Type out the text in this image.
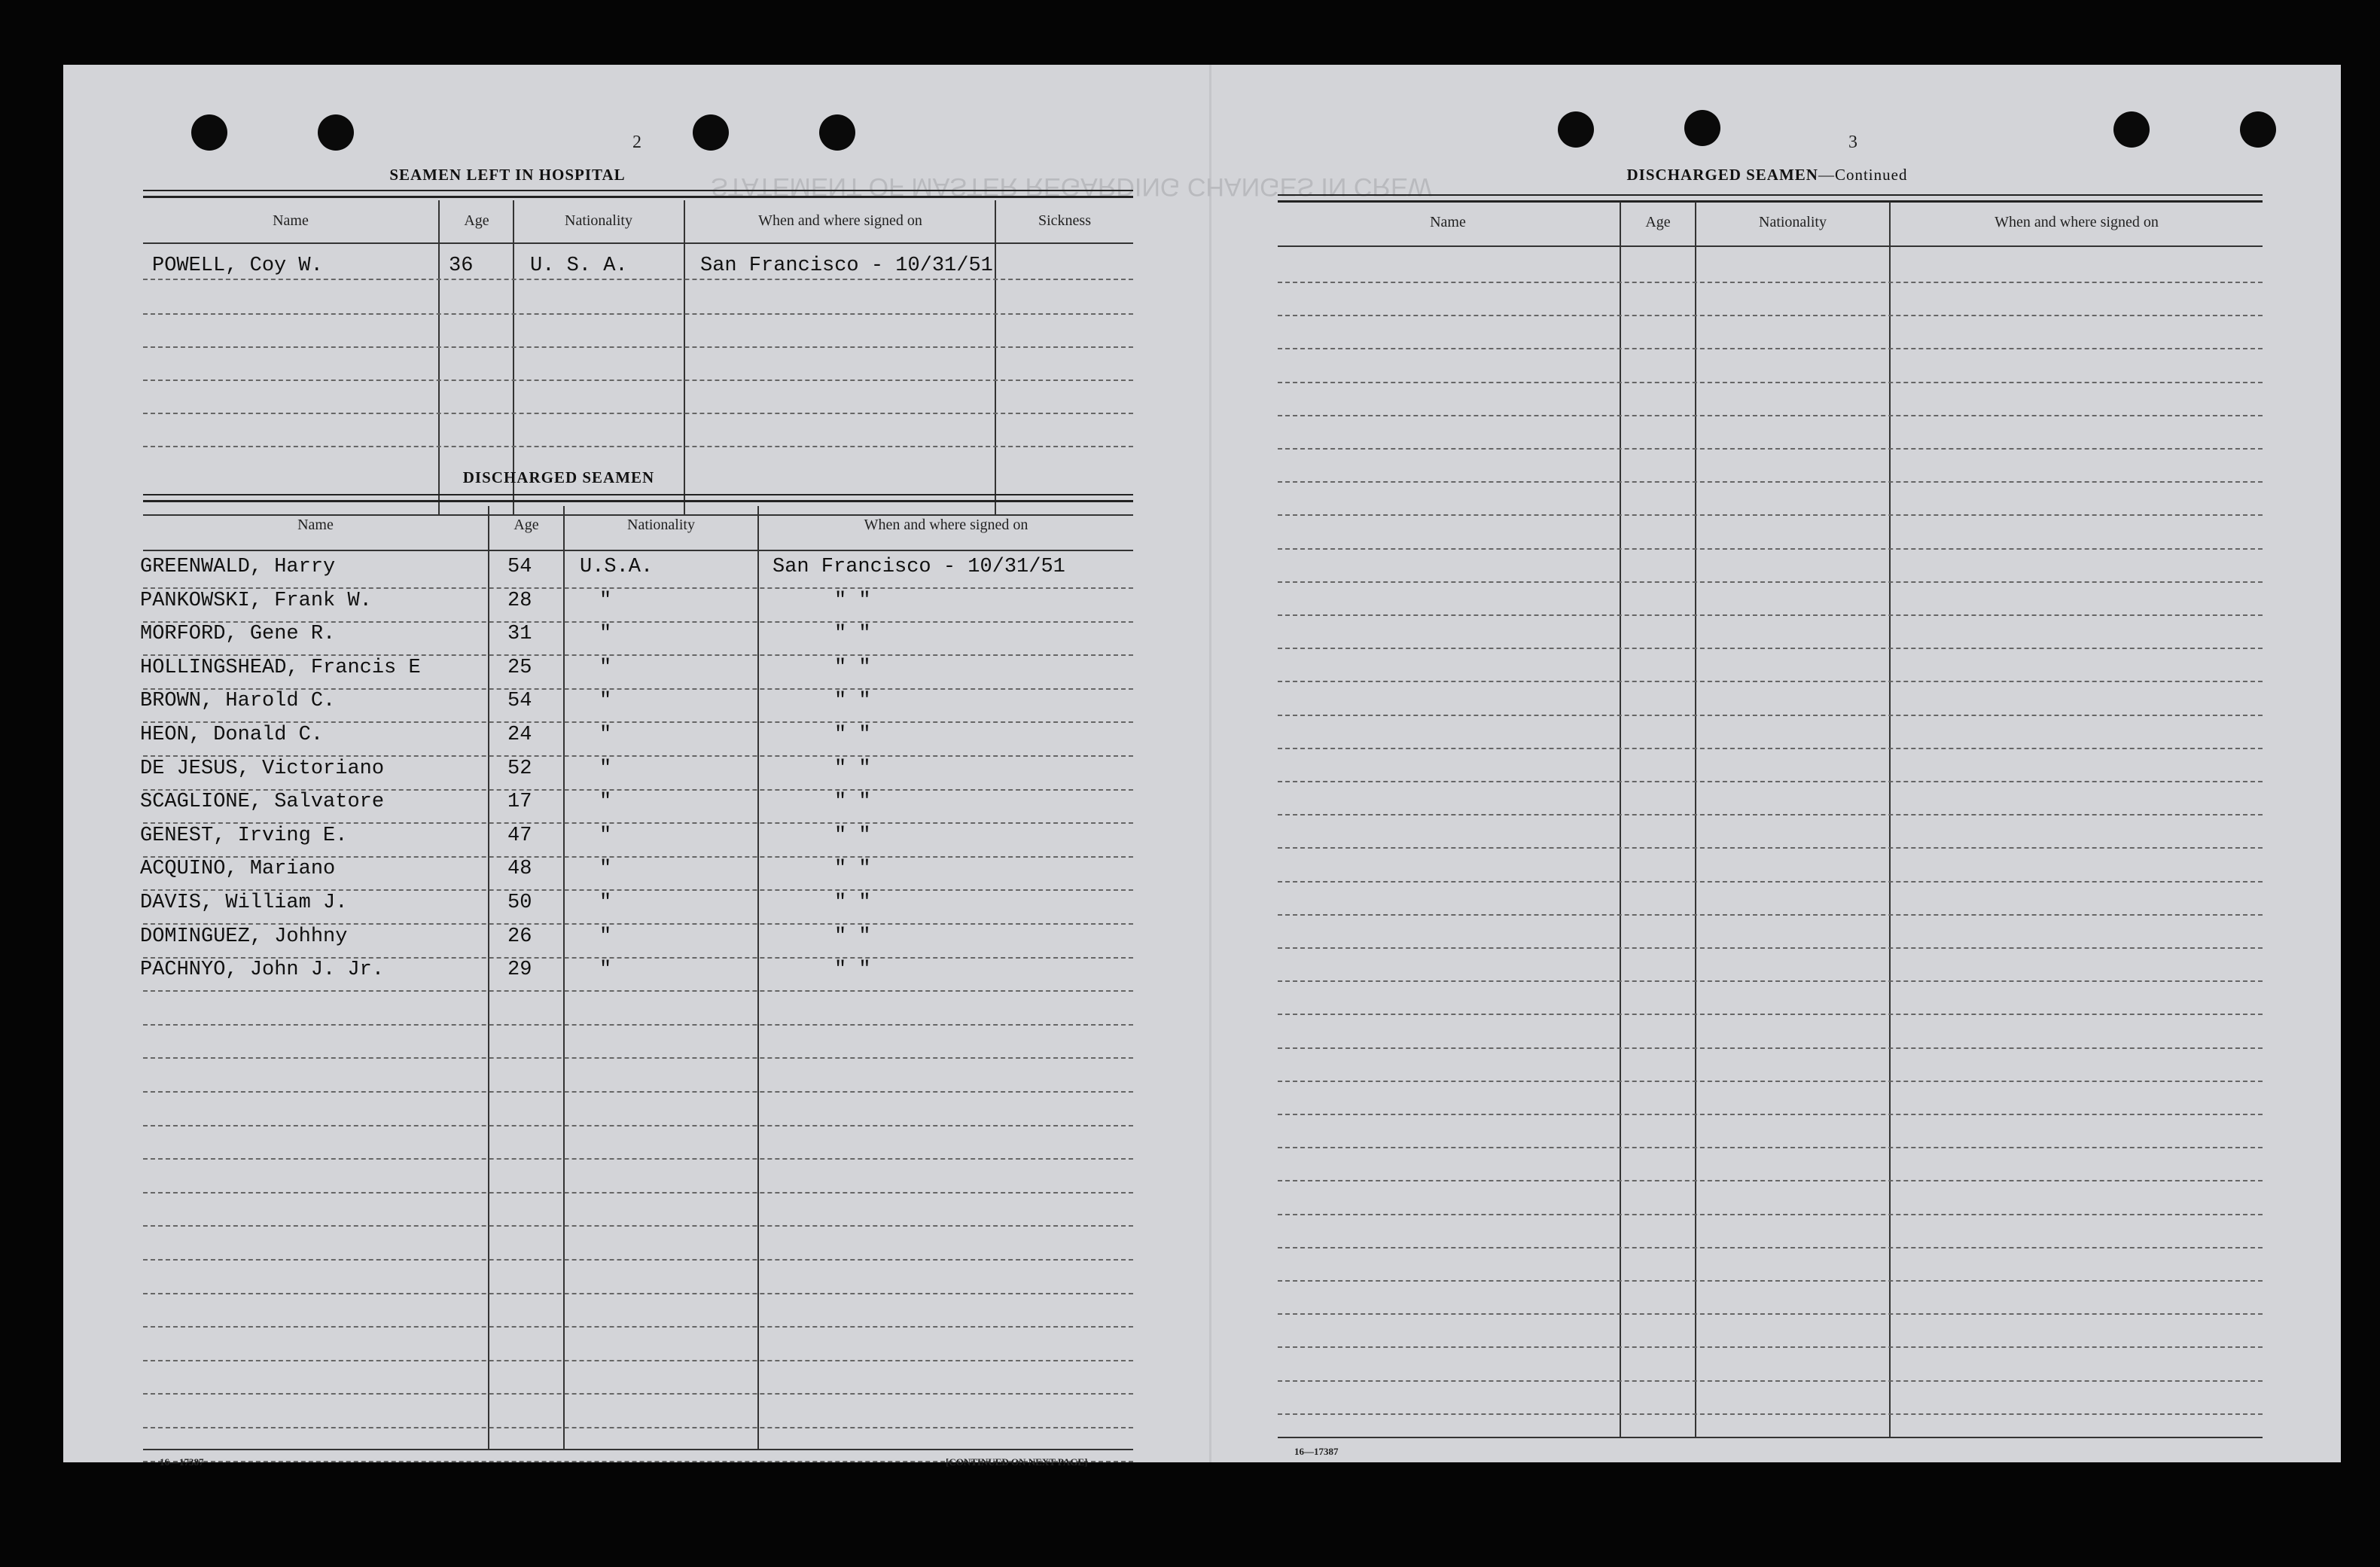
2
STATEMENT OF MASTER REGARDING CHANGES IN CREW
SEAMEN LEFT IN HOSPITAL
Name	Age	Nationality	When and where signed on	Sickness
POWELL, Coy W.	36	U. S. A.	San Francisco - 10/31/51
DISCHARGED SEAMEN
Name	Age	Nationality	When and where signed on
GREENWALD, Harry	54 U.S.A.	San Francisco - 10/31/51
PANKOWSKI, Frank W.	28	"	" "
MORFORD, Gene R.	31	"	" "
HOLLINGSHEAD, Francis E	25	"	" "
BROWN, Harold C.	54	"	" "
HEON, Donald C.	24	"	" "
DE JESUS, Victoriano	52	"	" "
SCAGLIONE, Salvatore	17	"	" "
GENEST, Irving E.	47	"	" "
ACQUINO, Mariano	48	"	" "
DAVIS, William J.	50	"	" "
DOMINGUEZ, Johhny	26	"	" "
PACHNYO, John J. Jr.	29	"	" "
16—17387	[CONTINUED ON NEXT PAGE]
3
DISCHARGED SEAMEN—Continued
Name	Age	Nationality	When and where signed on
16—17387
